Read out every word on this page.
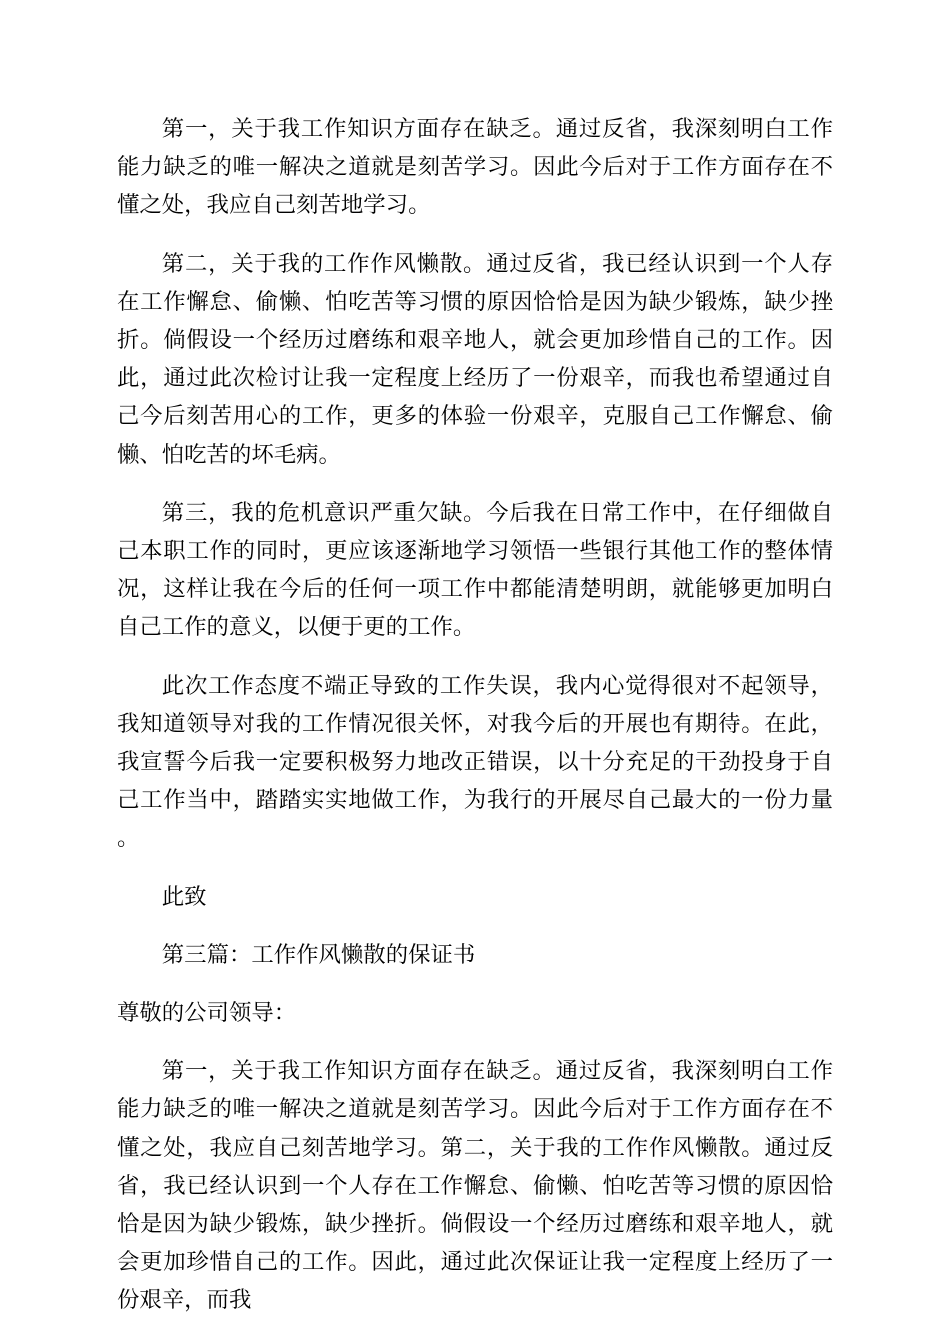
第一，关于我工作知识方面存在缺乏。通过反省，我深刻明白工作能力缺乏的唯一解决之道就是刻苦学习。因此今后对于工作方面存在不懂之处，我应自己刻苦地学习。

第二，关于我的工作作风懒散。通过反省，我已经认识到一个人存在工作懈怠、偷懒、怕吃苦等习惯的原因恰恰是因为缺少锻炼，缺少挫折。倘假设一个经历过磨练和艰辛地人，就会更加珍惜自己的工作。因此，通过此次检讨让我一定程度上经历了一份艰辛，而我也希望通过自己今后刻苦用心的工作，更多的体验一份艰辛，克服自己工作懈怠、偷懒、怕吃苦的坏毛病。

第三，我的危机意识严重欠缺。今后我在日常工作中，在仔细做自己本职工作的同时，更应该逐渐地学习领悟一些银行其他工作的整体情况，这样让我在今后的任何一项工作中都能清楚明朗，就能够更加明白自己工作的意义，以便于更的工作。

此次工作态度不端正导致的工作失误，我内心觉得很对不起领导，我知道领导对我的工作情况很关怀，对我今后的开展也有期待。在此，我宣誓今后我一定要积极努力地改正错误，以十分充足的干劲投身于自己工作当中，踏踏实实地做工作，为我行的开展尽自己最大的一份力量。

此致

第三篇：工作作风懒散的保证书

尊敬的公司领导：

第一，关于我工作知识方面存在缺乏。通过反省，我深刻明白工作能力缺乏的唯一解决之道就是刻苦学习。因此今后对于工作方面存在不懂之处，我应自己刻苦地学习。第二，关于我的工作作风懒散。通过反省，我已经认识到一个人存在工作懈怠、偷懒、怕吃苦等习惯的原因恰恰是因为缺少锻炼，缺少挫折。倘假设一个经历过磨练和艰辛地人，就会更加珍惜自己的工作。因此，通过此次保证让我一定程度上经历了一份艰辛，而我
